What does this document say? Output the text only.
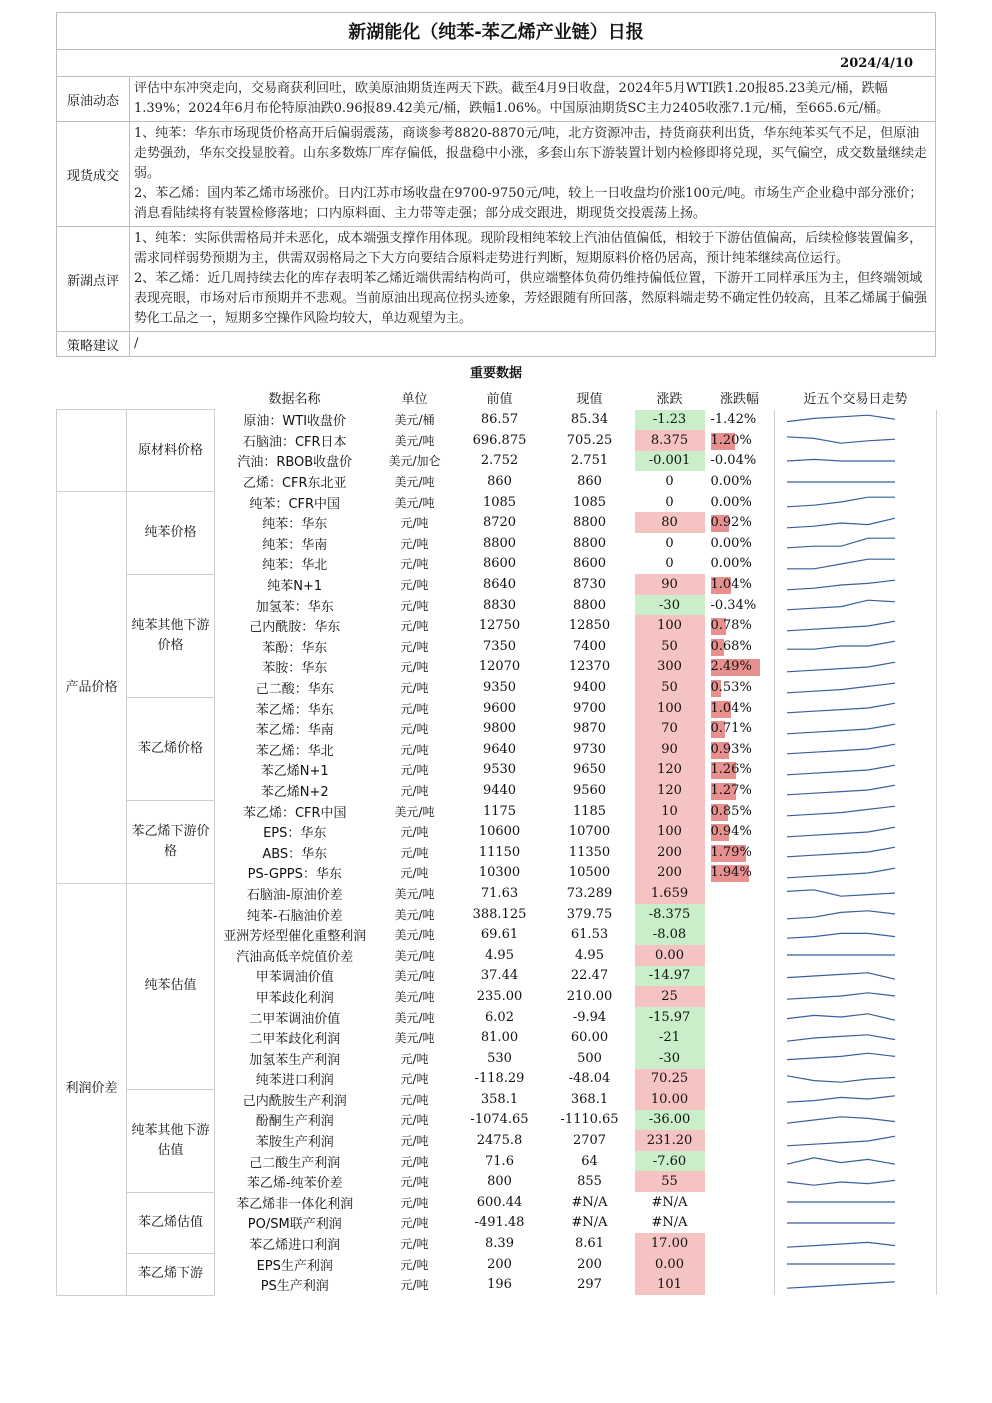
新湖能化（纯苯-苯乙烯产业链）日报	
2024/4/10	
原油动态	评估中东冲突走向，交易商获利回吐，欧美原油期货连两天下跌。截至4月9日收盘，2024年5月WTI跌1.20报85.23美元/桶，跌幅1.39%；2024年6月布伦特原油跌0.96报89.42美元/桶，跌幅1.06%。中国原油期货SC主力2405收涨7.1元/桶，至665.6元/桶。

现货成交	1、纯苯：华东市场现货价格高开后偏弱震荡，商谈参考8820-8870元/吨，北方资源冲击，持货商获利出货，华东纯苯买气不足，但原油走势强劲，华东交投显胶着。山东多数炼厂库存偏低，报盘稳中小涨，多套山东下游装置计划内检修即将兑现，买气偏空，成交数量继续走弱。

2、苯乙烯：国内苯乙烯市场涨价。日内江苏市场收盘在9700-9750元/吨，较上一日收盘均价涨100元/吨。市场生产企业稳中部分涨价；消息看陆续将有装置检修落地；口内原料面、主力带等走强；部分成交跟进，期现货交投震荡上扬。

新湖点评	1、纯苯：实际供需格局并未恶化，成本端强支撑作用体现。现阶段相纯苯较上汽油估值偏低，相较于下游估值偏高，后续检修装置偏多，需求同样弱势预期为主，供需双弱格局之下大方向要结合原料走势进行判断，短期原料价格仍居高，预计纯苯继续高位运行。

2、苯乙烯：近几周持续去化的库存表明苯乙烯近端供需结构尚可，供应端整体负荷仍维持偏低位置，下游开工同样承压为主，但终端领域表现亮眼，市场对后市预期并不悲观。当前原油出现高位拐头迹象，芳烃跟随有所回落，然原料端走势不确定性仍较高，且苯乙烯属于偏强势化工品之一，短期多空操作风险均较大，单边观望为主。

策略建议	/

重要数据
		数据名称	单位	前值	现值	涨跌	涨跌幅	近五个交易日走势
	原材料价格	原油：WTI收盘价	美元/桶	86.57	85.34	-1.23	-1.42%	

		石脑油：CFR日本	美元/吨	696.875	705.25	8.375	1.20%	

		汽油：RBOB收盘价	美元/加仑	2.752	2.751	-0.001	-0.04%	

		乙烯：CFR东北亚	美元/吨	860	860	0	0.00%	

产品价格	纯苯价格	纯苯：CFR中国	美元/吨	1085	1085	0	0.00%	

		纯苯：华东	元/吨	8720	8800	80	0.92%	

		纯苯：华南	元/吨	8800	8800	0	0.00%	

		纯苯：华北	元/吨	8600	8600	0	0.00%	

	纯苯其他下游价格	纯苯N+1	元/吨	8640	8730	90	1.04%	

		加氢苯：华东	元/吨	8830	8800	-30	-0.34%	

		己内酰胺：华东	元/吨	12750	12850	100	0.78%	

		苯酚：华东	元/吨	7350	7400	50	0.68%	

		苯胺：华东	元/吨	12070	12370	300	2.49%	

		己二酸：华东	元/吨	9350	9400	50	0.53%	

	苯乙烯价格	苯乙烯：华东	元/吨	9600	9700	100	1.04%	

		苯乙烯：华南	元/吨	9800	9870	70	0.71%	

		苯乙烯：华北	元/吨	9640	9730	90	0.93%	

		苯乙烯N+1	元/吨	9530	9650	120	1.26%	

		苯乙烯N+2	元/吨	9440	9560	120	1.27%	

	苯乙烯下游价格	苯乙烯：CFR中国	美元/吨	1175	1185	10	0.85%	

		EPS：华东	元/吨	10600	10700	100	0.94%	

		ABS：华东	元/吨	11150	11350	200	1.79%	

		PS-GPPS：华东	元/吨	10300	10500	200	1.94%	

利润价差	纯苯估值	石脑油-原油价差	美元/吨	71.63	73.289	1.659		

		纯苯-石脑油价差	美元/吨	388.125	379.75	-8.375		

		亚洲芳烃型催化重整利润	美元/吨	69.61	61.53	-8.08		

		汽油高低辛烷值价差	美元/吨	4.95	4.95	0.00		

		甲苯调油价值	美元/吨	37.44	22.47	-14.97		

		甲苯歧化利润	美元/吨	235.00	210.00	25		

		二甲苯调油价值	美元/吨	6.02	-9.94	-15.97		

		二甲苯歧化利润	美元/吨	81.00	60.00	-21		

		加氢苯生产利润	元/吨	530	500	-30		

		纯苯进口利润	元/吨	-118.29	-48.04	70.25		

	纯苯其他下游估值	己内酰胺生产利润	元/吨	358.1	368.1	10.00		

		酚酮生产利润	元/吨	-1074.65	-1110.65	-36.00		

		苯胺生产利润	元/吨	2475.8	2707	231.20		

		己二酸生产利润	元/吨	71.6	64	-7.60		

		苯乙烯-纯苯价差	元/吨	800	855	55		

	苯乙烯估值	苯乙烯非一体化利润	元/吨	600.44	#N/A	#N/A		

		PO/SM联产利润	元/吨	-491.48	#N/A	#N/A		

		苯乙烯进口利润	元/吨	8.39	8.61	17.00		

	苯乙烯下游	EPS生产利润	元/吨	200	200	0.00		

		PS生产利润	元/吨	196	297	101		
